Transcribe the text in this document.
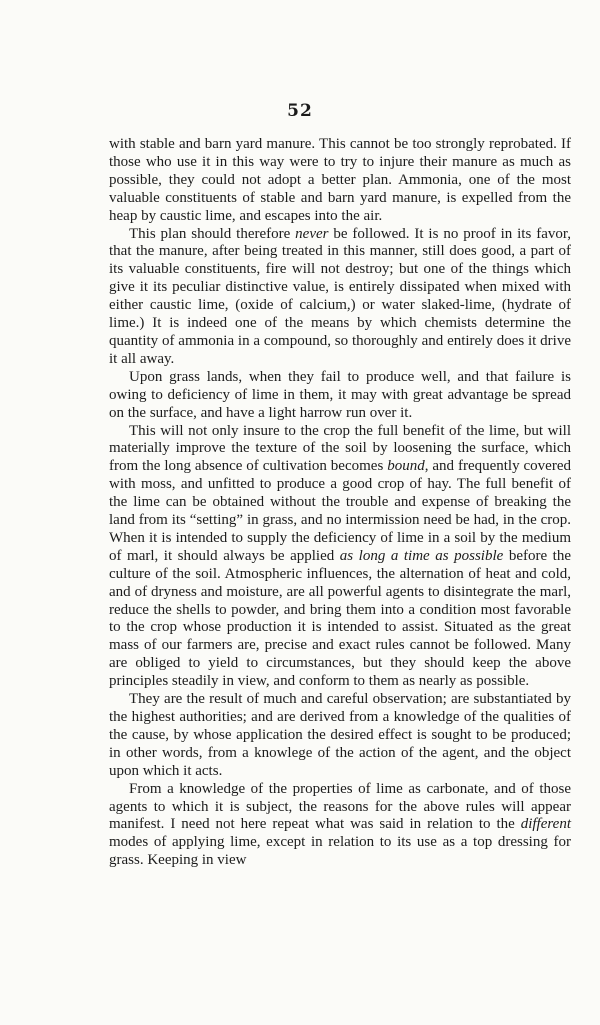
52

with stable and barn yard manure. This cannot be too strongly reprobated. If those who use it in this way were to try to injure their manure as much as possible, they could not adopt a better plan. Ammonia, one of the most valuable constituents of stable and barn yard manure, is expelled from the heap by caustic lime, and escapes into the air.

This plan should therefore never be followed. It is no proof in its favor, that the manure, after being treated in this manner, still does good, a part of its valuable constituents, fire will not destroy; but one of the things which give it its peculiar distinctive value, is entirely dissipated when mixed with either caustic lime, (oxide of calcium,) or water slaked-lime, (hydrate of lime.) It is indeed one of the means by which chemists determine the quantity of ammonia in a compound, so thoroughly and entirely does it drive it all away.

Upon grass lands, when they fail to produce well, and that failure is owing to deficiency of lime in them, it may with great advantage be spread on the surface, and have a light harrow run over it.

This will not only insure to the crop the full benefit of the lime, but will materially improve the texture of the soil by loosening the surface, which from the long absence of cultivation becomes bound, and frequently covered with moss, and unfitted to produce a good crop of hay. The full benefit of the lime can be obtained without the trouble and expense of breaking the land from its “setting” in grass, and no intermission need be had, in the crop. When it is intended to supply the deficiency of lime in a soil by the medium of marl, it should always be applied as long a time as possible before the culture of the soil. Atmospheric influences, the alternation of heat and cold, and of dryness and moisture, are all powerful agents to disintegrate the marl, reduce the shells to powder, and bring them into a condition most favorable to the crop whose production it is intended to assist. Situated as the great mass of our farmers are, precise and exact rules cannot be followed. Many are obliged to yield to circumstances, but they should keep the above principles steadily in view, and conform to them as nearly as possible.

They are the result of much and careful observation; are substantiated by the highest authorities; and are derived from a knowledge of the qualities of the cause, by whose application the desired effect is sought to be produced; in other words, from a knowlege of the action of the agent, and the object upon which it acts.

From a knowledge of the properties of lime as carbonate, and of those agents to which it is subject, the reasons for the above rules will appear manifest. I need not here repeat what was said in relation to the different modes of applying lime, except in relation to its use as a top dressing for grass. Keeping in view
